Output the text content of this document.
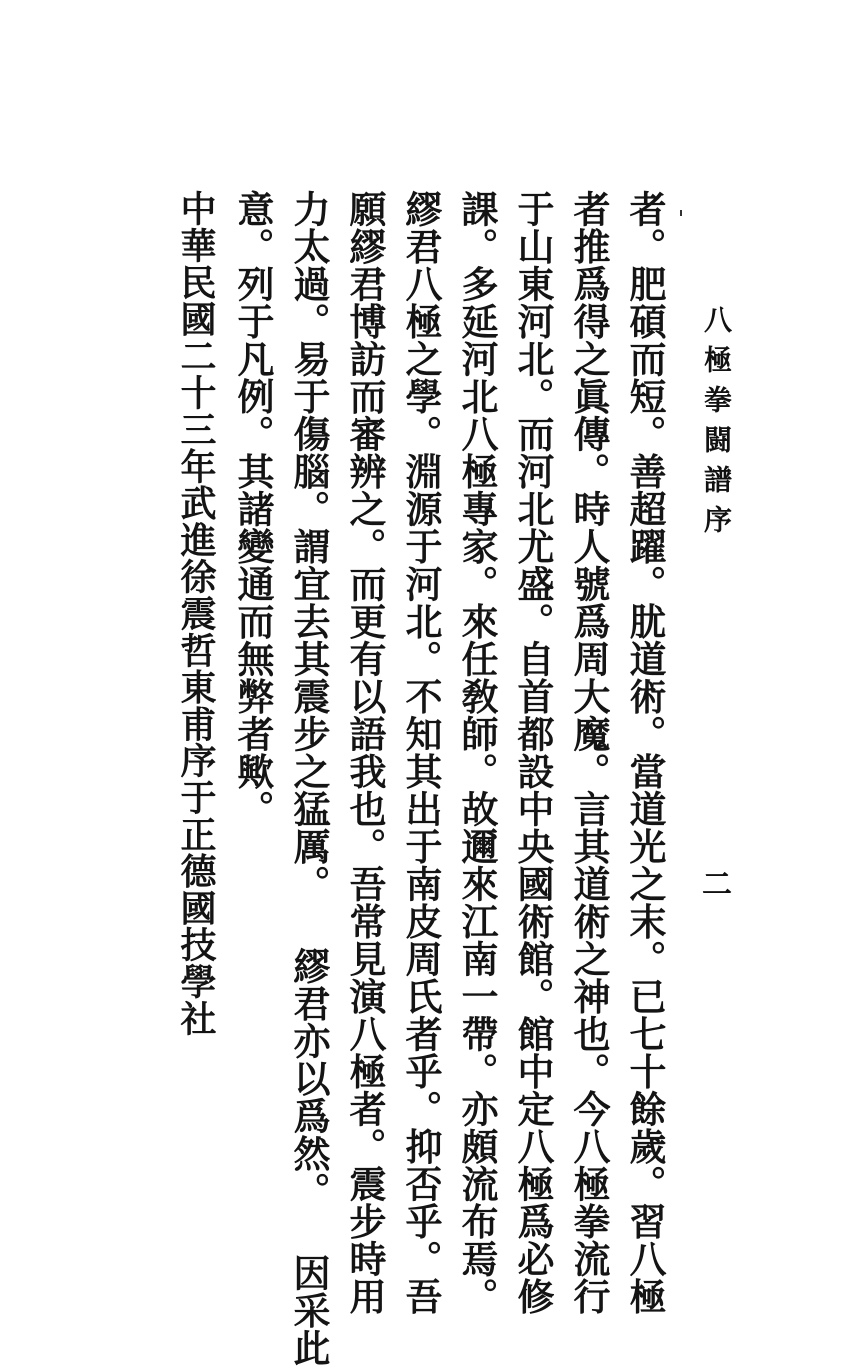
八極拳闘譜序
二
者。肥碩而短。善超躍。肬道術。當道光之末。已七十餘歲。習八極
者推爲得之眞傳。時人號爲周大魔。言其道術之神也。今八極拳流行
于山東河北。而河北尤盛。自首都設中央國術館。館中定八極爲必修
課。多延河北八極專家。來任敎師。故邇來江南一帶。亦頗流布焉。
繆君八極之學。淵源于河北。不知其出于南皮周氏者乎。抑否乎。吾
願繆君博訪而審辨之。而更有以語我也。吾常見演八極者。震步時用
力太過。易于傷腦。謂宜去其震步之猛厲。 繆君亦以爲然。 因采此
意。列于凡例。其諸變通而無弊者歟。
中華民國二十三年武進徐震哲東甫序于正德國技學社
